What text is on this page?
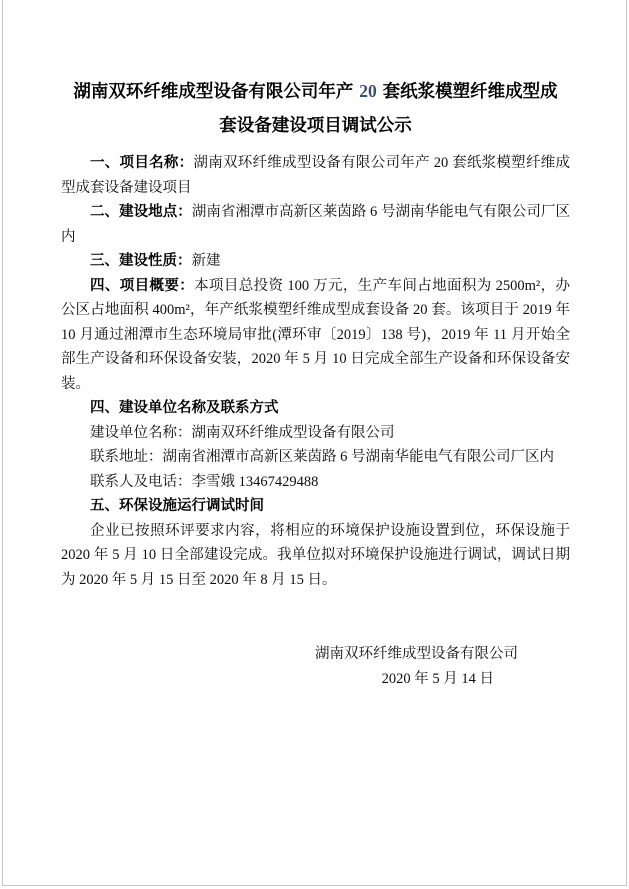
湖南双环纤维成型设备有限公司年产 20 套纸浆模塑纤维成型成
套设备建设项目调试公示

一、项目名称：湖南双环纤维成型设备有限公司年产 20 套纸浆模塑纤维成型成套设备建设项目

二、建设地点：湖南省湘潭市高新区莱茵路 6 号湖南华能电气有限公司厂区内

三、建设性质：新建

四、项目概要：本项目总投资 100 万元，生产车间占地面积为 2500m²，办公区占地面积 400m²，年产纸浆模塑纤维成型成套设备 20 套。该项目于 2019 年 10 月通过湘潭市生态环境局审批(潭环审〔2019〕138 号)，2019 年 11 月开始全部生产设备和环保设备安装，2020 年 5 月 10 日完成全部生产设备和环保设备安装。

四、建设单位名称及联系方式

建设单位名称：湖南双环纤维成型设备有限公司

联系地址：湖南省湘潭市高新区莱茵路 6 号湖南华能电气有限公司厂区内

联系人及电话：李雪娥 13467429488

五、环保设施运行调试时间

企业已按照环评要求内容，将相应的环境保护设施设置到位，环保设施于 2020 年 5 月 10 日全部建设完成。我单位拟对环境保护设施进行调试，调试日期为 2020 年 5 月 15 日至 2020 年 8 月 15 日。

湖南双环纤维成型设备有限公司

2020 年 5 月 14 日
